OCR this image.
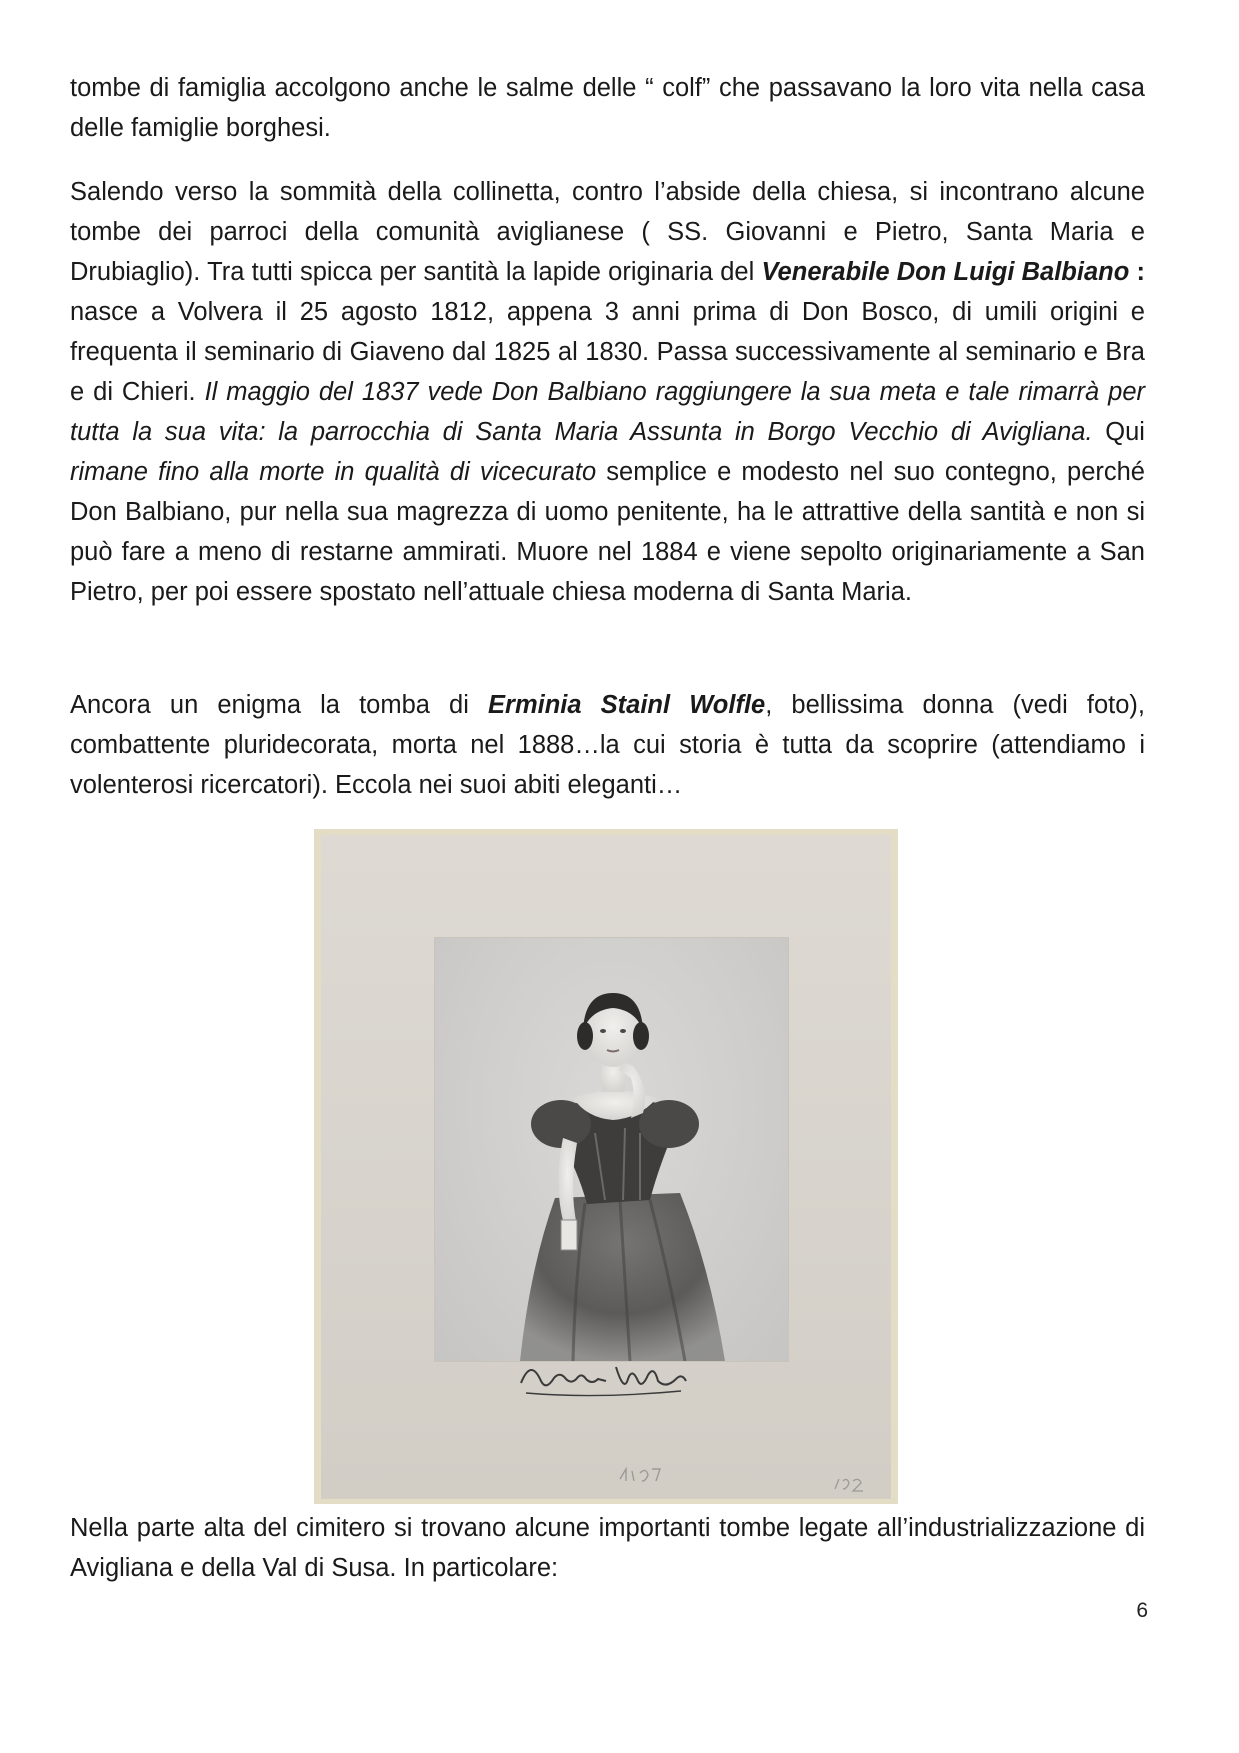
tombe di famiglia accolgono anche le salme delle “ colf” che passavano la loro vita nella casa delle famiglie borghesi.

Salendo verso la sommità della collinetta, contro l’abside della chiesa, si incontrano alcune tombe dei parroci della comunità aviglianese ( SS. Giovanni e Pietro, Santa Maria e Drubiaglio). Tra tutti spicca per santità la lapide originaria del Venerabile Don Luigi Balbiano : nasce a Volvera il 25 agosto 1812, appena 3 anni prima di Don Bosco, di umili origini e frequenta il seminario di Giaveno dal 1825 al 1830. Passa successivamente al seminario e Bra e di Chieri. Il maggio del 1837 vede Don Balbiano raggiungere la sua meta e tale rimarrà per tutta la sua vita: la parrocchia di Santa Maria Assunta in Borgo Vecchio di Avigliana. Qui rimane fino alla morte in qualità di vicecurato semplice e modesto nel suo contegno, perché Don Balbiano, pur nella sua magrezza di uomo penitente, ha le attrattive della santità e non si può fare a meno di restarne ammirati. Muore nel 1884 e viene sepolto originariamente a San Pietro, per poi essere spostato nell’attuale chiesa moderna di Santa Maria.

Ancora un enigma la tomba di Erminia Stainl Wolfle, bellissima donna (vedi foto), combattente pluridecorata, morta nel 1888…la cui storia è tutta da scoprire (attendiamo i volenterosi ricercatori). Eccola nei suoi abiti eleganti…

Nella parte alta del cimitero si trovano alcune importanti tombe legate all’industrializzazione di Avigliana e della Val di Susa. In particolare:

6
